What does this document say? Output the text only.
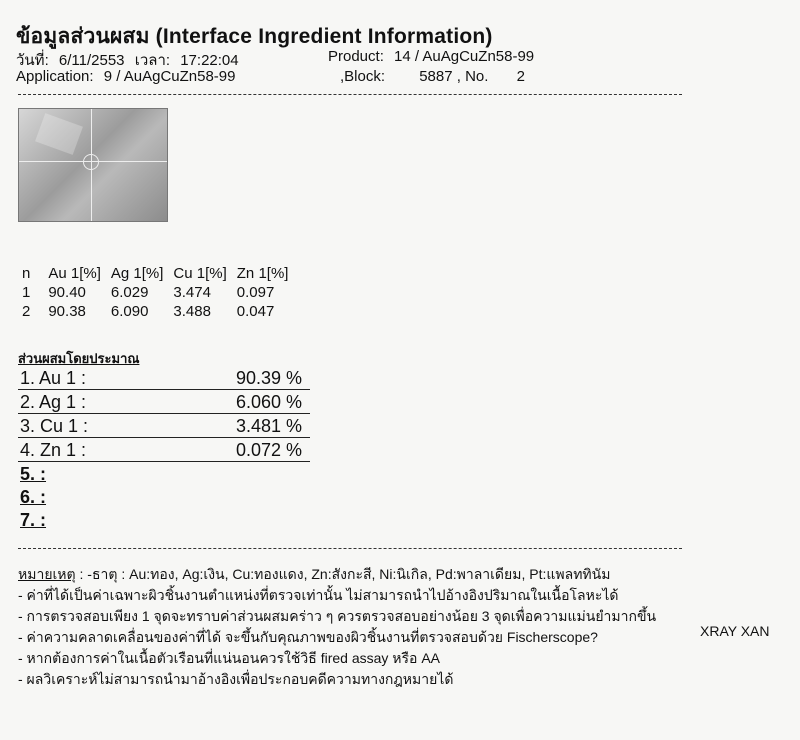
ข้อมูลส่วนผสม (Interface Ingredient Information)
วันที่: 6/11/2553 เวลา: 17:22:04	Product: 14 / AuAgCuZn58-99
Application: 9 / AuAgCuZn58-99	,Block: 5887 , No. 2
n	Au 1[%]	Ag 1[%]	Cu 1[%]	Zn 1[%]
1	90.40	6.029	3.474	0.097
2	90.38	6.090	3.488	0.047
ส่วนผสมโดยประมาณ
1. Au 1 :	90.39 %
2. Ag 1 :	6.060 %
3. Cu 1 :	3.481 %
4. Zn 1 :	0.072 %
5. :
6. :
7. :
หมายเหตุ : -ธาตุ : Au:ทอง, Ag:เงิน, Cu:ทองแดง, Zn:สังกะสี, Ni:นิเกิล, Pd:พาลาเดียม, Pt:แพลททินัม
- ค่าที่ได้เป็นค่าเฉพาะผิวชิ้นงานตำแหน่งที่ตรวจเท่านั้น ไม่สามารถนำไปอ้างอิงปริมาณในเนื้อโลหะได้
- การตรวจสอบเพียง 1 จุดจะทราบค่าส่วนผสมคร่าว ๆ ควรตรวจสอบอย่างน้อย 3 จุดเพื่อความแม่นยำมากขึ้น
- ค่าความคลาดเคลื่อนของค่าที่ได้ จะขึ้นกับคุณภาพของผิวชิ้นงานที่ตรวจสอบด้วย Fischerscope?
- หากต้องการค่าในเนื้อตัวเรือนที่แน่นอนควรใช้วิธี fired assay หรือ AA
- ผลวิเคราะห์ไม่สามารถนำมาอ้างอิงเพื่อประกอบคดีความทางกฎหมายได้
XRAY XAN
